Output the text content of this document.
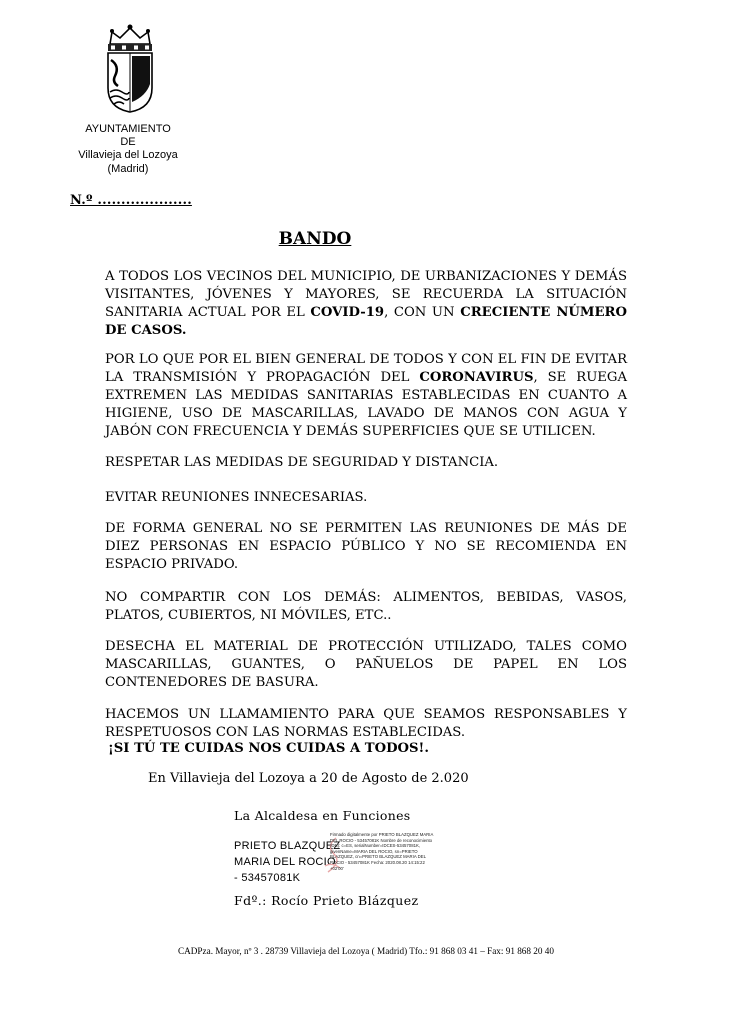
AYUNTAMIENTO
DE
Villavieja del Lozoya
(Madrid)
N.º ....................
BANDO
A TODOS LOS VECINOS DEL MUNICIPIO, DE URBANIZACIONES Y DEMÁS VISITANTES, JÓVENES Y MAYORES, SE RECUERDA LA SITUACIÓN SANITARIA ACTUAL POR EL COVID-19, CON UN CRECIENTE NÚMERO DE CASOS.
POR LO QUE POR EL BIEN GENERAL DE TODOS Y CON EL FIN DE EVITAR LA TRANSMISIÓN Y PROPAGACIÓN DEL CORONAVIRUS, SE RUEGA EXTREMEN LAS MEDIDAS SANITARIAS ESTABLECIDAS EN CUANTO A HIGIENE, USO DE MASCARILLAS, LAVADO DE MANOS CON AGUA Y JABÓN CON FRECUENCIA Y DEMÁS SUPERFICIES QUE SE UTILICEN.
RESPETAR LAS MEDIDAS DE SEGURIDAD Y DISTANCIA.
EVITAR REUNIONES INNECESARIAS.
DE FORMA GENERAL NO SE PERMITEN LAS REUNIONES DE MÁS DE DIEZ PERSONAS EN ESPACIO PÚBLICO Y NO SE RECOMIENDA EN ESPACIO PRIVADO.
NO COMPARTIR CON LOS DEMÁS: ALIMENTOS, BEBIDAS, VASOS, PLATOS, CUBIERTOS, NI MÓVILES, ETC..
DESECHA EL MATERIAL DE PROTECCIÓN UTILIZADO, TALES COMO MASCARILLAS, GUANTES, O PAÑUELOS DE PAPEL EN LOS CONTENEDORES DE BASURA.
HACEMOS UN LLAMAMIENTO PARA QUE SEAMOS RESPONSABLES Y RESPETUOSOS CON LAS NORMAS ESTABLECIDAS.
¡SI TÚ TE CUIDAS NOS CUIDAS A TODOS!.
En Villavieja del Lozoya a 20 de Agosto de 2.020
La Alcaldesa en Funciones
PRIETO BLAZQUEZ
MARIA DEL ROCIO
- 53457081K
Firmado digitalmente por PRIETO BLAZQUEZ MARIA DEL ROCIO - 53457081K Nombre de reconocimiento (DN): c=ES, serialNumber=IDCES-53457081K, givenName=MARIA DEL ROCIO, sn=PRIETO BLAZQUEZ, cn=PRIETO BLAZQUEZ MARIA DEL ROCIO - 53457081K Fecha: 2020.08.20 14:15:22 +02'00'
Fdº.: Rocío Prieto Blázquez
CADPza. Mayor, nº 3 . 28739 Villavieja del Lozoya ( Madrid) Tfo.: 91 868 03 41 – Fax: 91 868 20 40
